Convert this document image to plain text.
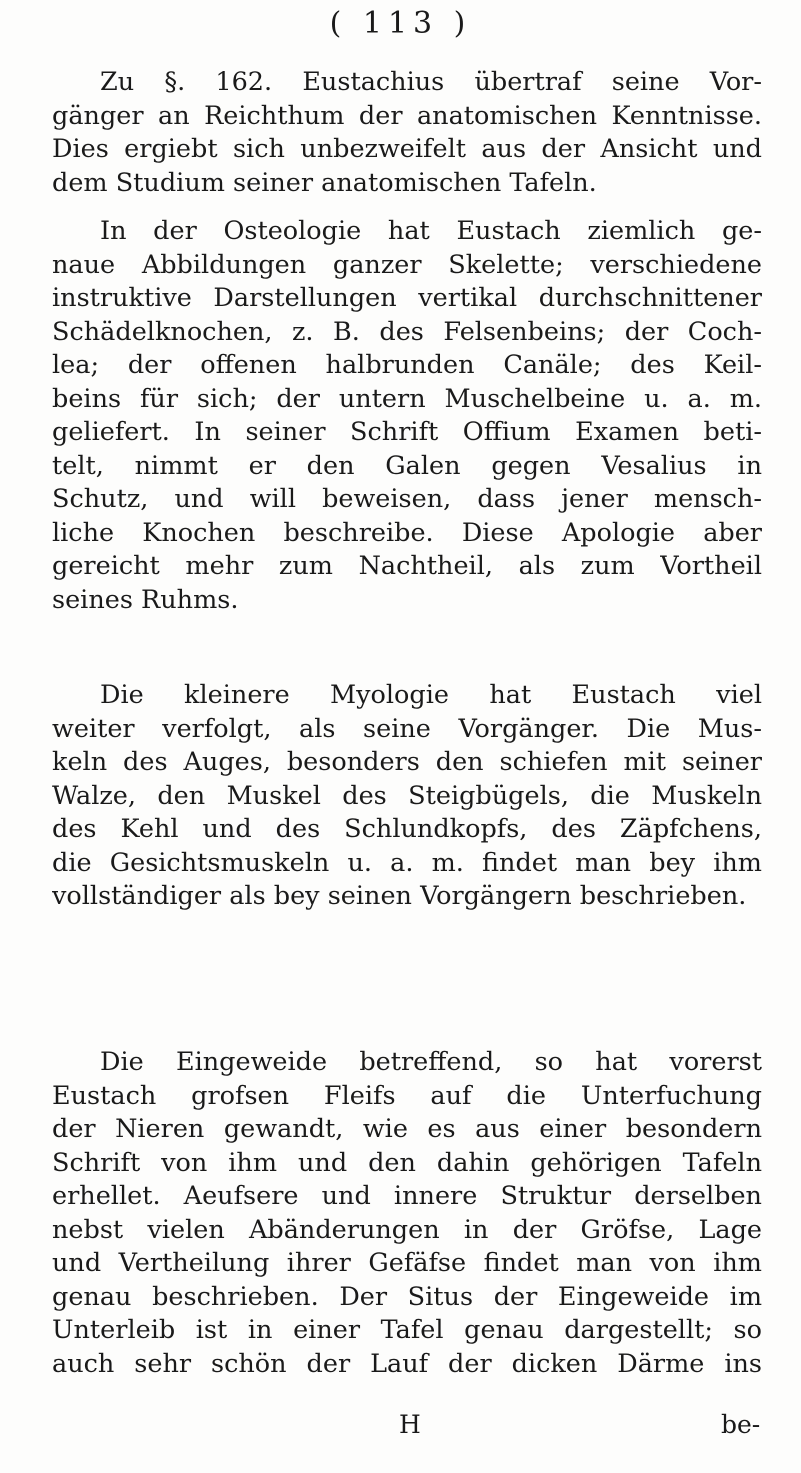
( 113 )
Zu §. 162. Eustachius übertraf seine Vor-
gänger an Reichthum der anatomischen Kenntnisse.
Dies ergiebt sich unbezweifelt aus der Ansicht und
dem Studium seiner anatomischen Tafeln.
In der Osteologie hat Eustach ziemlich ge-
naue Abbildungen ganzer Skelette; verschiedene
instruktive Darstellungen vertikal durchschnittener
Schädelknochen, z. B. des Felsenbeins; der Coch-
lea; der offenen halbrunden Canäle; des Keil-
beins für sich; der untern Muschelbeine u. a. m.
geliefert. In seiner Schrift Offium Examen beti-
telt, nimmt er den Galen gegen Vesalius in
Schutz, und will beweisen, dass jener mensch-
liche Knochen beschreibe. Diese Apologie aber
gereicht mehr zum Nachtheil, als zum Vortheil
seines Ruhms.
Die kleinere Myologie hat Eustach viel
weiter verfolgt, als seine Vorgänger. Die Mus-
keln des Auges, besonders den schiefen mit seiner
Walze, den Muskel des Steigbügels, die Muskeln
des Kehl und des Schlundkopfs, des Zäpfchens,
die Gesichtsmuskeln u. a. m. findet man bey ihm
vollständiger als bey seinen Vorgängern beschrieben.
Die Eingeweide betreffend, so hat vorerst
Eustach grofsen Fleifs auf die Unterfuchung
der Nieren gewandt, wie es aus einer besondern
Schrift von ihm und den dahin gehörigen Tafeln
erhellet. Aeufsere und innere Struktur derselben
nebst vielen Abänderungen in der Gröfse, Lage
und Vertheilung ihrer Gefäfse findet man von ihm
genau beschrieben. Der Situs der Eingeweide im
Unterleib ist in einer Tafel genau dargestellt; so
auch sehr schön der Lauf der dicken Därme ins
H	be-
